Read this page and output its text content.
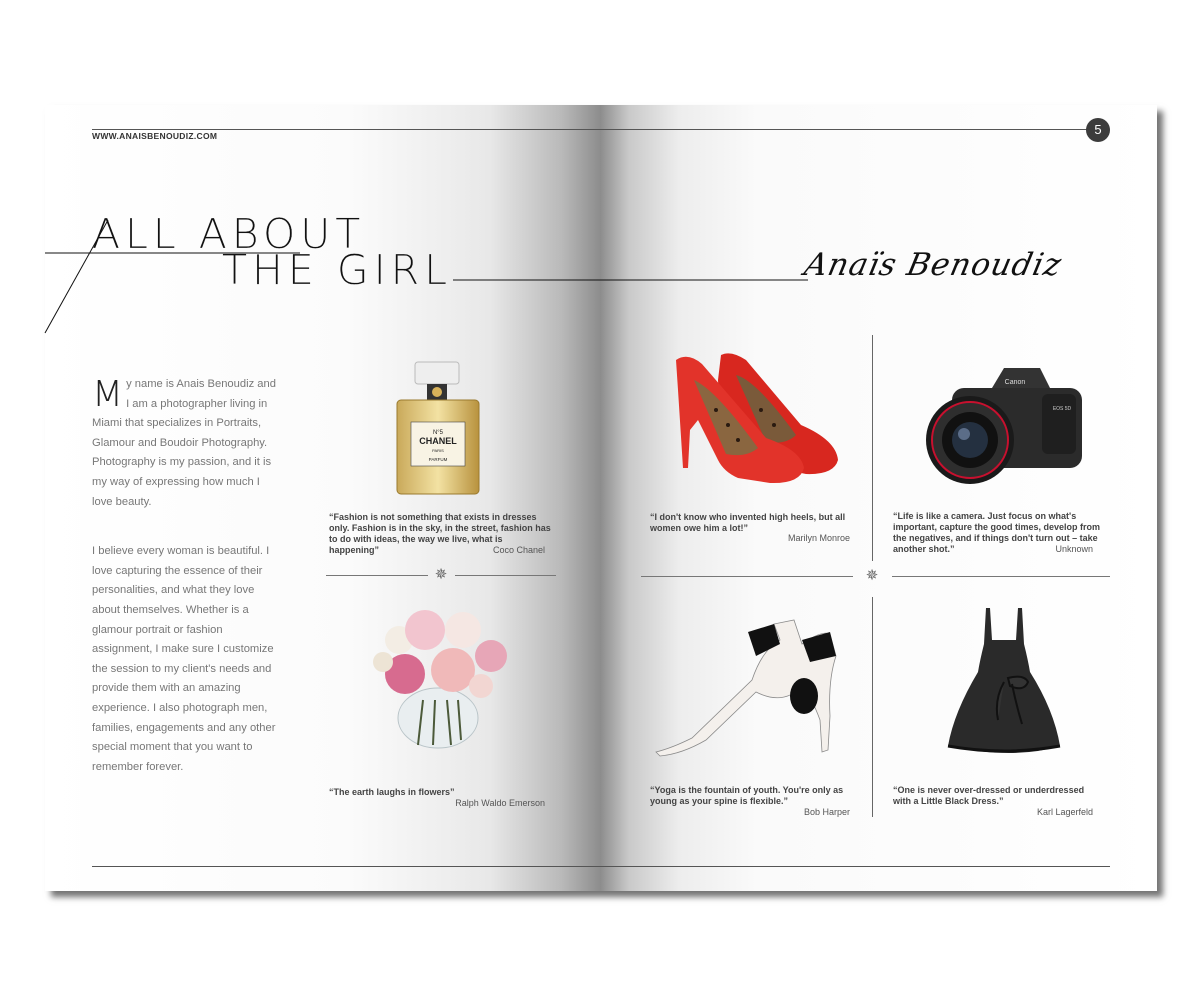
WWW.ANAISBENOUDIZ.COM	5
ALL ABOUT
THE GIRL	Anaïs Benoudiz

My name is Anais Benoudiz and I am a photographer living in Miami that specializes in Portraits, Glamour and Boudoir Photography. Photography is my passion, and it is my way of expressing how much I love beauty.

I believe every woman is beautiful. I love capturing the essence of their personalities, and what they love about themselves. Whether is a glamour portrait or fashion assignment, I make sure I customize the session to my client's needs and provide them with an amazing experience. I also photograph men, families, engagements and any other special moment that you want to remember forever.

N°5
CHANEL
PARIS
PARFUM
“Fashion is not something that exists in dresses only. Fashion is in the sky, in the street, fashion has to do with ideas, the way we live, what is happening”	Coco Chanel
✵
“The earth laughs in flowers”
Ralph Waldo Emerson
✵
“I don't know who invented high heels, but all women owe him a lot!”
Marilyn Monroe
Canon
EOS 5D
“Life is like a camera. Just focus on what's important, capture the good times, develop from the negatives, and if things don't turn out – take another shot.”	Unknown
“Yoga is the fountain of youth. You're only as young as your spine is flexible.”
Bob Harper
“One is never over-dressed or underdressed with a Little Black Dress.”
Karl Lagerfeld
